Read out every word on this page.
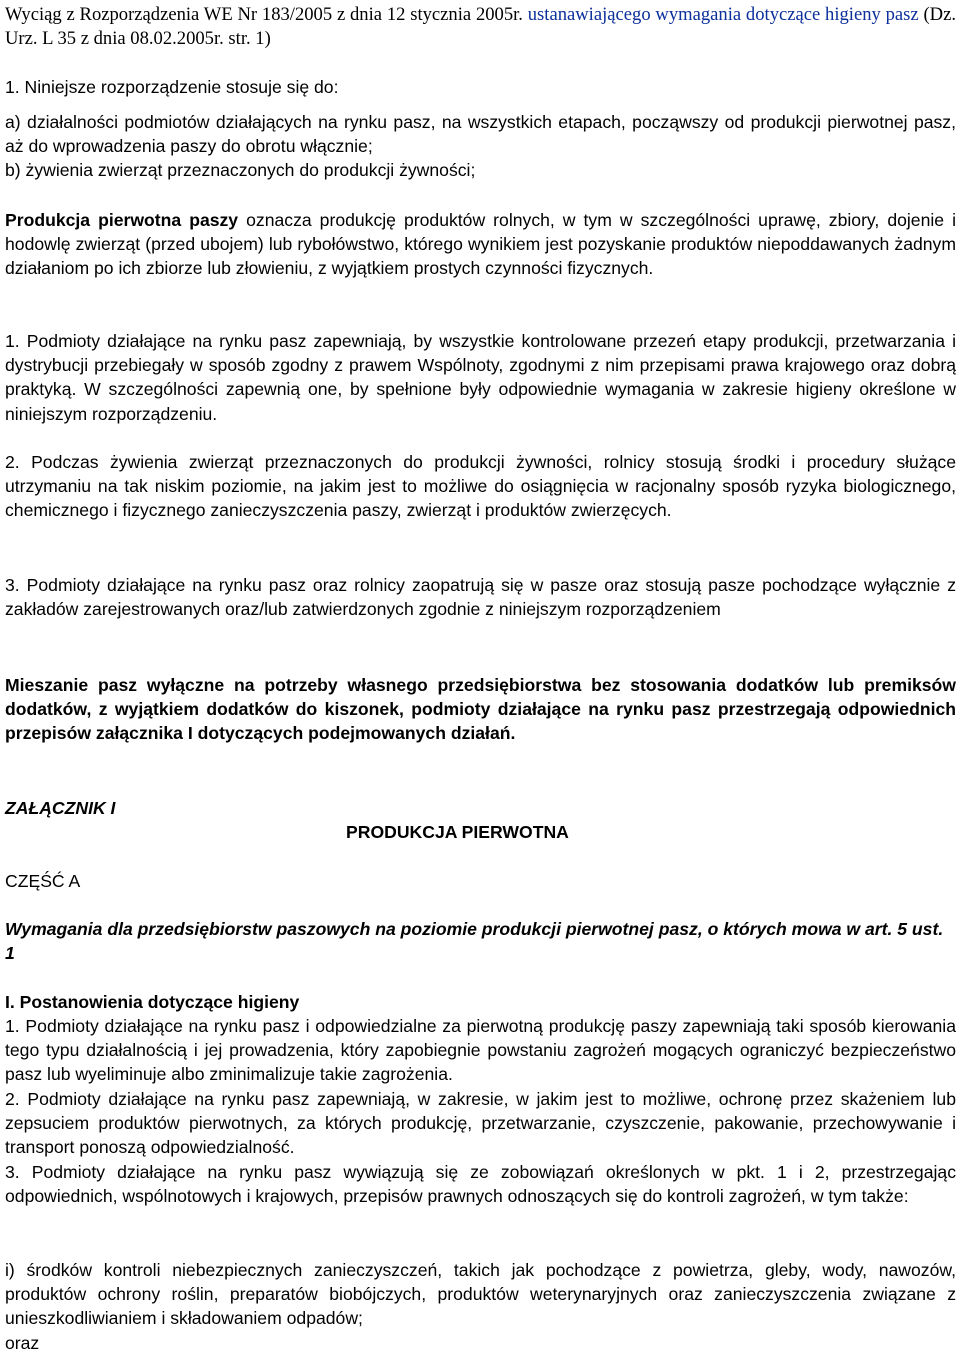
Wyciąg z Rozporządzenia WE Nr 183/2005 z dnia 12 stycznia 2005r. ustanawiającego wymagania dotyczące higieny pasz (Dz. Urz. L 35 z dnia 08.02.2005r. str. 1)

1. Niniejsze rozporządzenie stosuje się do:

a) działalności podmiotów działających na rynku pasz, na wszystkich etapach, począwszy od produkcji pierwotnej pasz, aż do wprowadzenia paszy do obrotu włącznie;

b) żywienia zwierząt przeznaczonych do produkcji żywności;

Produkcja pierwotna paszy oznacza produkcję produktów rolnych, w tym w szczególności uprawę, zbiory, dojenie i hodowlę zwierząt (przed ubojem) lub rybołówstwo, którego wynikiem jest pozyskanie produktów niepoddawanych żadnym działaniom po ich zbiorze lub złowieniu, z wyjątkiem prostych czynności fizycznych.

1. Podmioty działające na rynku pasz zapewniają, by wszystkie kontrolowane przezeń etapy produkcji, przetwarzania i dystrybucji przebiegały w sposób zgodny z prawem Wspólnoty, zgodnymi z nim przepisami prawa krajowego oraz dobrą praktyką. W szczególności zapewnią one, by spełnione były odpowiednie wymagania w zakresie higieny określone w niniejszym rozporządzeniu.

2. Podczas żywienia zwierząt przeznaczonych do produkcji żywności, rolnicy stosują środki i procedury służące utrzymaniu na tak niskim poziomie, na jakim jest to możliwe do osiągnięcia w racjonalny sposób ryzyka biologicznego, chemicznego i fizycznego zanieczyszczenia paszy, zwierząt i produktów zwierzęcych.

3. Podmioty działające na rynku pasz oraz rolnicy zaopatrują się w pasze oraz stosują pasze pochodzące wyłącznie z zakładów zarejestrowanych oraz/lub zatwierdzonych zgodnie z niniejszym rozporządzeniem

Mieszanie pasz wyłączne na potrzeby własnego przedsiębiorstwa bez stosowania dodatków lub premiksów dodatków, z wyjątkiem dodatków do kiszonek, podmioty działające na rynku pasz przestrzegają odpowiednich przepisów załącznika I dotyczących podejmowanych działań.

ZAŁĄCZNIK I

PRODUKCJA PIERWOTNA

CZĘŚĆ A

Wymagania dla przedsiębiorstw paszowych na poziomie produkcji pierwotnej pasz, o których mowa w art. 5 ust. 1

I. Postanowienia dotyczące higieny

1. Podmioty działające na rynku pasz i odpowiedzialne za pierwotną produkcję paszy zapewniają taki sposób kierowania tego typu działalnością i jej prowadzenia, który zapobiegnie powstaniu zagrożeń mogących ograniczyć bezpieczeństwo pasz lub wyeliminuje albo zminimalizuje takie zagrożenia.

2. Podmioty działające na rynku pasz zapewniają, w zakresie, w jakim jest to możliwe, ochronę przez skażeniem lub zepsuciem produktów pierwotnych, za których produkcję, przetwarzanie, czyszczenie, pakowanie, przechowywanie i transport ponoszą odpowiedzialność.

3. Podmioty działające na rynku pasz wywiązują się ze zobowiązań określonych w pkt. 1 i 2, przestrzegając odpowiednich, wspólnotowych i krajowych, przepisów prawnych odnoszących się do kontroli zagrożeń, w tym także:

i) środków kontroli niebezpiecznych zanieczyszczeń, takich jak pochodzące z powietrza, gleby, wody, nawozów, produktów ochrony roślin, preparatów biobójczych, produktów weterynaryjnych oraz zanieczyszczenia związane z unieszkodliwianiem i składowaniem odpadów;

oraz
